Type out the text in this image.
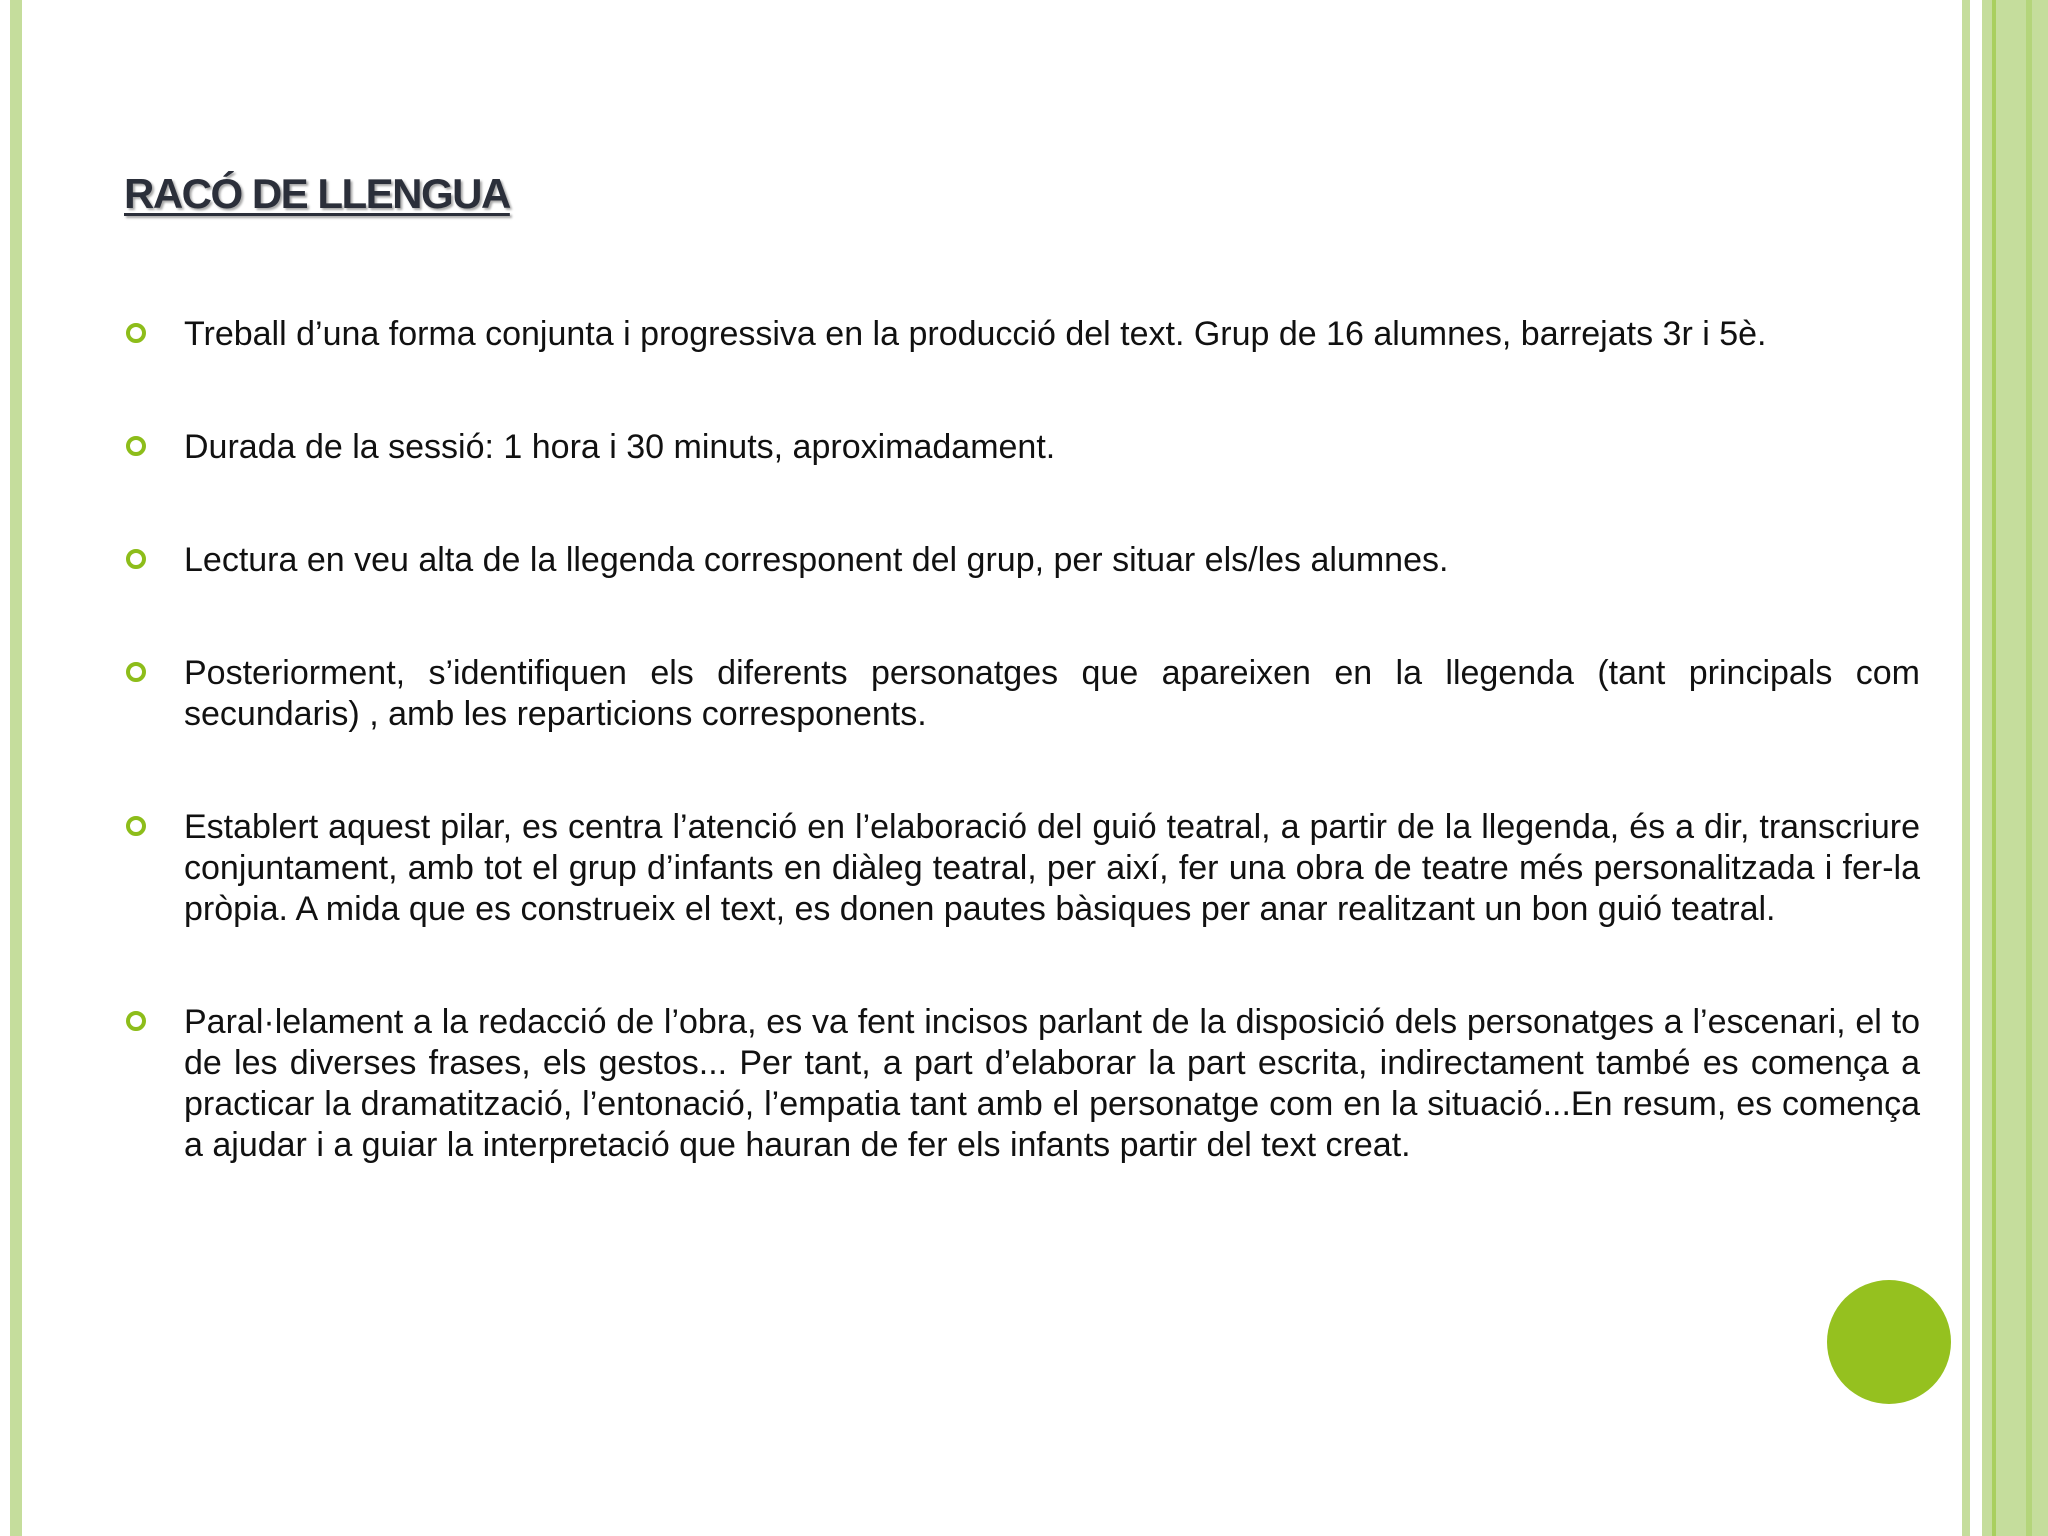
RACÓ DE LLENGUA
Treball d’una forma conjunta i progressiva en la producció del text. Grup de 16 alumnes, barrejats 3r i 5è.
Durada de la sessió: 1 hora i 30 minuts, aproximadament.
Lectura en veu alta de la llegenda corresponent del grup, per situar els/les alumnes.
Posteriorment, s’identifiquen els diferents personatges que apareixen en la llegenda (tant principals com secundaris) , amb les reparticions corresponents.
Establert aquest pilar, es centra l’atenció en l’elaboració del guió teatral, a partir de la llegenda, és a dir, transcriure conjuntament, amb tot el grup d’infants en diàleg teatral, per així, fer una obra de teatre més personalitzada i fer-la pròpia. A mida que es construeix el text, es donen pautes bàsiques per anar realitzant un bon guió teatral.
Paral·lelament a la redacció de l’obra, es va fent incisos parlant de la disposició dels personatges a l’escenari, el to de les diverses frases, els gestos... Per tant, a part d’elaborar la part escrita, indirectament també es comença a practicar la dramatització, l’entonació, l’empatia tant amb el personatge com en la situació...En resum, es comença a ajudar i a guiar la interpretació que hauran de fer els infants partir del text creat.
